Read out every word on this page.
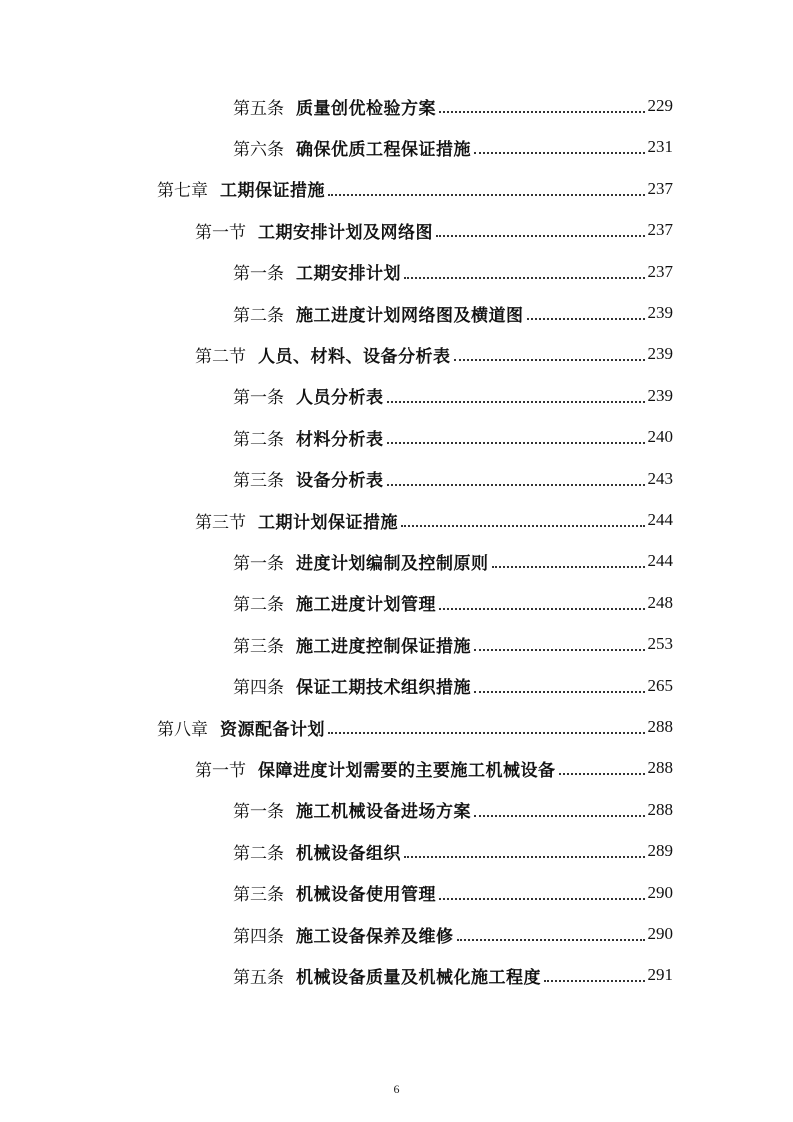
第五条 质量创优检验方案	229
第六条 确保优质工程保证措施	231
第七章 工期保证措施	237
第一节 工期安排计划及网络图	237
第一条 工期安排计划	237
第二条 施工进度计划网络图及横道图	239
第二节 人员、材料、设备分析表	239
第一条 人员分析表	239
第二条 材料分析表	240
第三条 设备分析表	243
第三节 工期计划保证措施	244
第一条 进度计划编制及控制原则	244
第二条 施工进度计划管理	248
第三条 施工进度控制保证措施	253
第四条 保证工期技术组织措施	265
第八章 资源配备计划	288
第一节 保障进度计划需要的主要施工机械设备	288
第一条 施工机械设备进场方案	288
第二条 机械设备组织	289
第三条 机械设备使用管理	290
第四条 施工设备保养及维修	290
第五条 机械设备质量及机械化施工程度	291
6
